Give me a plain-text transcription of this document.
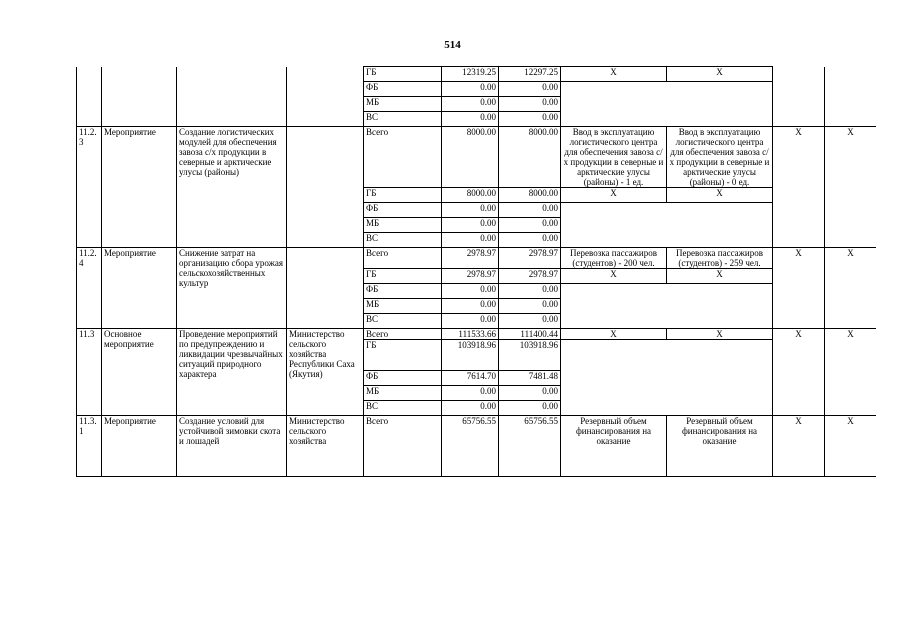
514
				ГБ	12319.25	12297.25	Х	Х		
				ФБ	0.00	0.00				
				МБ	0.00	0.00				
				ВС	0.00	0.00				
11.2.3	Мероприятие	Создание логистических модулей для обеспечения завоза с/х продукции в северные и арктические улусы (районы)		Всего	8000.00	8000.00	Ввод в эксплуатацию логистического центра для обеспечения завоза с/х продукции в северные и арктические улусы (районы) - 1 ед.	Ввод в эксплуатацию логистического центра для обеспечения завоза с/х продукции в северные и арктические улусы (районы) - 0 ед.	Х	Х
				ГБ	8000.00	8000.00	Х	Х		
				ФБ	0.00	0.00				
				МБ	0.00	0.00				
				ВС	0.00	0.00				
11.2.4	Мероприятие	Снижение затрат на организацию сбора урожая сельскохозяйственных культур		Всего	2978.97	2978.97	Перевозка пассажиров (студентов) - 200 чел.	Перевозка пассажиров (студентов) - 259 чел.	Х	Х
				ГБ	2978.97	2978.97	Х	Х		
				ФБ	0.00	0.00				
				МБ	0.00	0.00				
				ВС	0.00	0.00				
11.3	Основное мероприятие	Проведение мероприятий по предупреждению и ликвидации чрезвычайных ситуаций природного характера	Министерство сельского хозяйства Республики Саха (Якутия)	Всего	111533.66	111400.44	Х	Х	Х	Х
				ГБ	103918.96	103918.96				
				ФБ	7614.70	7481.48				
				МБ	0.00	0.00				
				ВС	0.00	0.00				
11.3.1	Мероприятие	Создание условий для устойчивой зимовки скота и лошадей	Министерство сельского хозяйства	Всего	65756.55	65756.55	Резервный объем финансирования на оказание	Резервный объем финансирования на оказание	Х	Х
